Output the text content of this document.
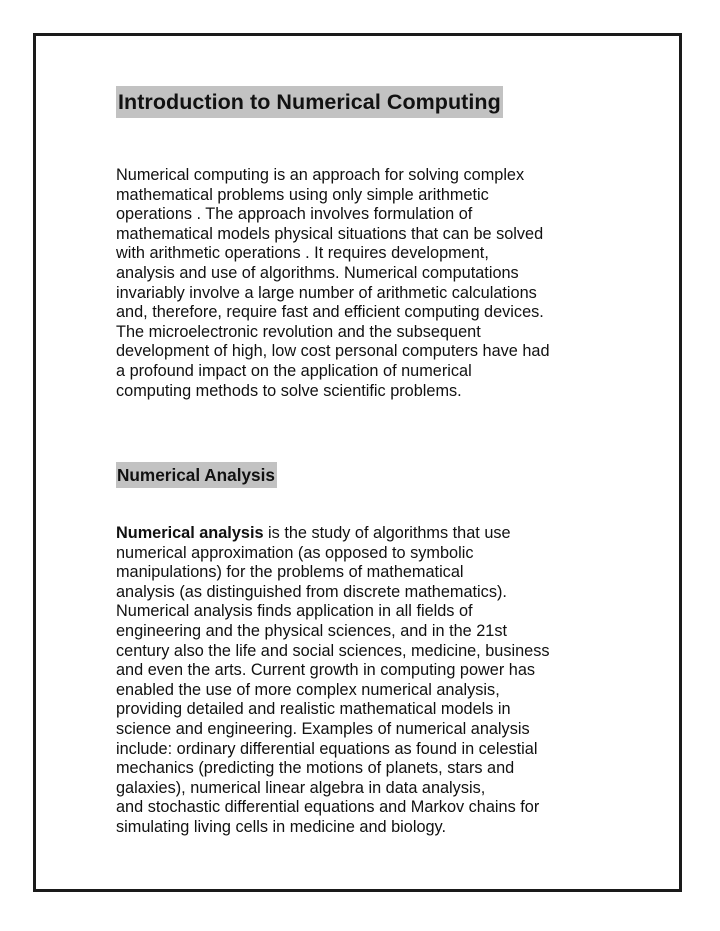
Introduction to Numerical Computing

Numerical computing is an approach for solving complex
mathematical problems using only simple arithmetic
operations . The approach involves formulation of
mathematical models physical situations that can be solved
with arithmetic operations . It requires development,
analysis and use of algorithms. Numerical computations
invariably involve a large number of arithmetic calculations
and, therefore, require fast and efficient computing devices.
The microelectronic revolution and the subsequent
development of high, low cost personal computers have had
a profound impact on the application of numerical
computing methods to solve scientific problems.

Numerical Analysis

Numerical analysis is the study of algorithms that use
numerical approximation (as opposed to symbolic
manipulations) for the problems of mathematical
analysis (as distinguished from discrete mathematics).
Numerical analysis finds application in all fields of
engineering and the physical sciences, and in the 21st
century also the life and social sciences, medicine, business
and even the arts. Current growth in computing power has
enabled the use of more complex numerical analysis,
providing detailed and realistic mathematical models in
science and engineering. Examples of numerical analysis
include: ordinary differential equations as found in celestial
mechanics (predicting the motions of planets, stars and
galaxies), numerical linear algebra in data analysis,
and stochastic differential equations and Markov chains for
simulating living cells in medicine and biology.
